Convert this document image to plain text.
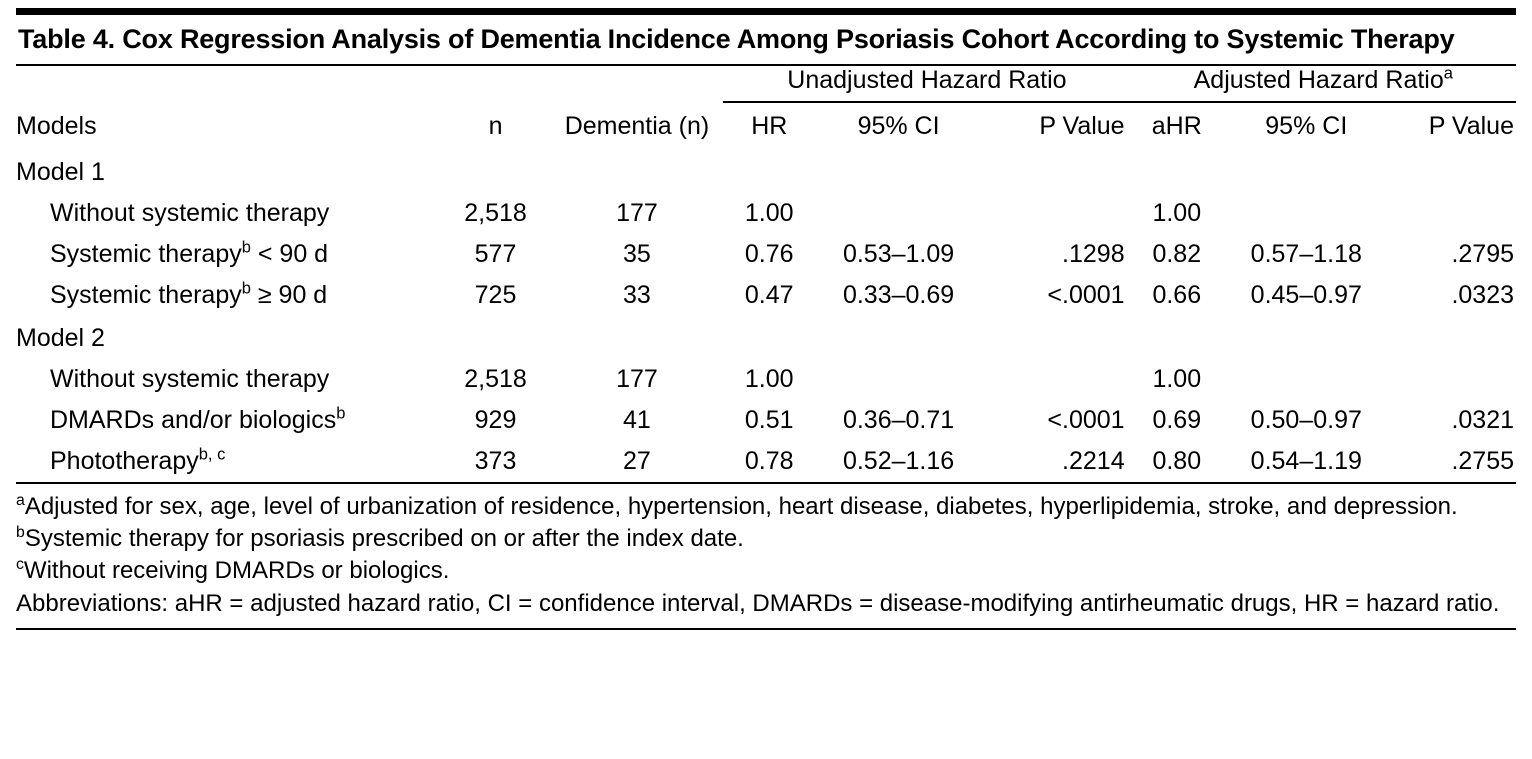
Table 4. Cox Regression Analysis of Dementia Incidence Among Psoriasis Cohort According to Systemic Therapy

			Unadjusted Hazard Ratio			Adjusted Hazard Ratio$^a$

Models	n	Dementia (n)	HR	95% CI	P Value	aHR	95% CI	P Value
Model 1								
Without systemic therapy	2,518	177	1.00			1.00		
Systemic therapy$^b$ < 90 d	577	35	0.76	0.53–1.09	.1298	0.82	0.57–1.18	.2795
Systemic therapy$^b$ ≥ 90 d	725	33	0.47	0.33–0.69	<.0001	0.66	0.45–0.97	.0323
Model 2								
Without systemic therapy	2,518	177	1.00			1.00		
DMARDs and/or biologics$^b$	929	41	0.51	0.36–0.71	<.0001	0.69	0.50–0.97	.0321
Phototherapy$^{b, c}$	373	27	0.78	0.52–1.16	.2214	0.80	0.54–1.19	.2755

$^a$Adjusted for sex, age, level of urbanization of residence, hypertension, heart disease, diabetes, hyperlipidemia, stroke, and depression.

$^b$Systemic therapy for psoriasis prescribed on or after the index date.

$^c$Without receiving DMARDs or biologics.

Abbreviations: aHR = adjusted hazard ratio, CI = confidence interval, DMARDs = disease-modifying antirheumatic drugs, HR = hazard ratio.
